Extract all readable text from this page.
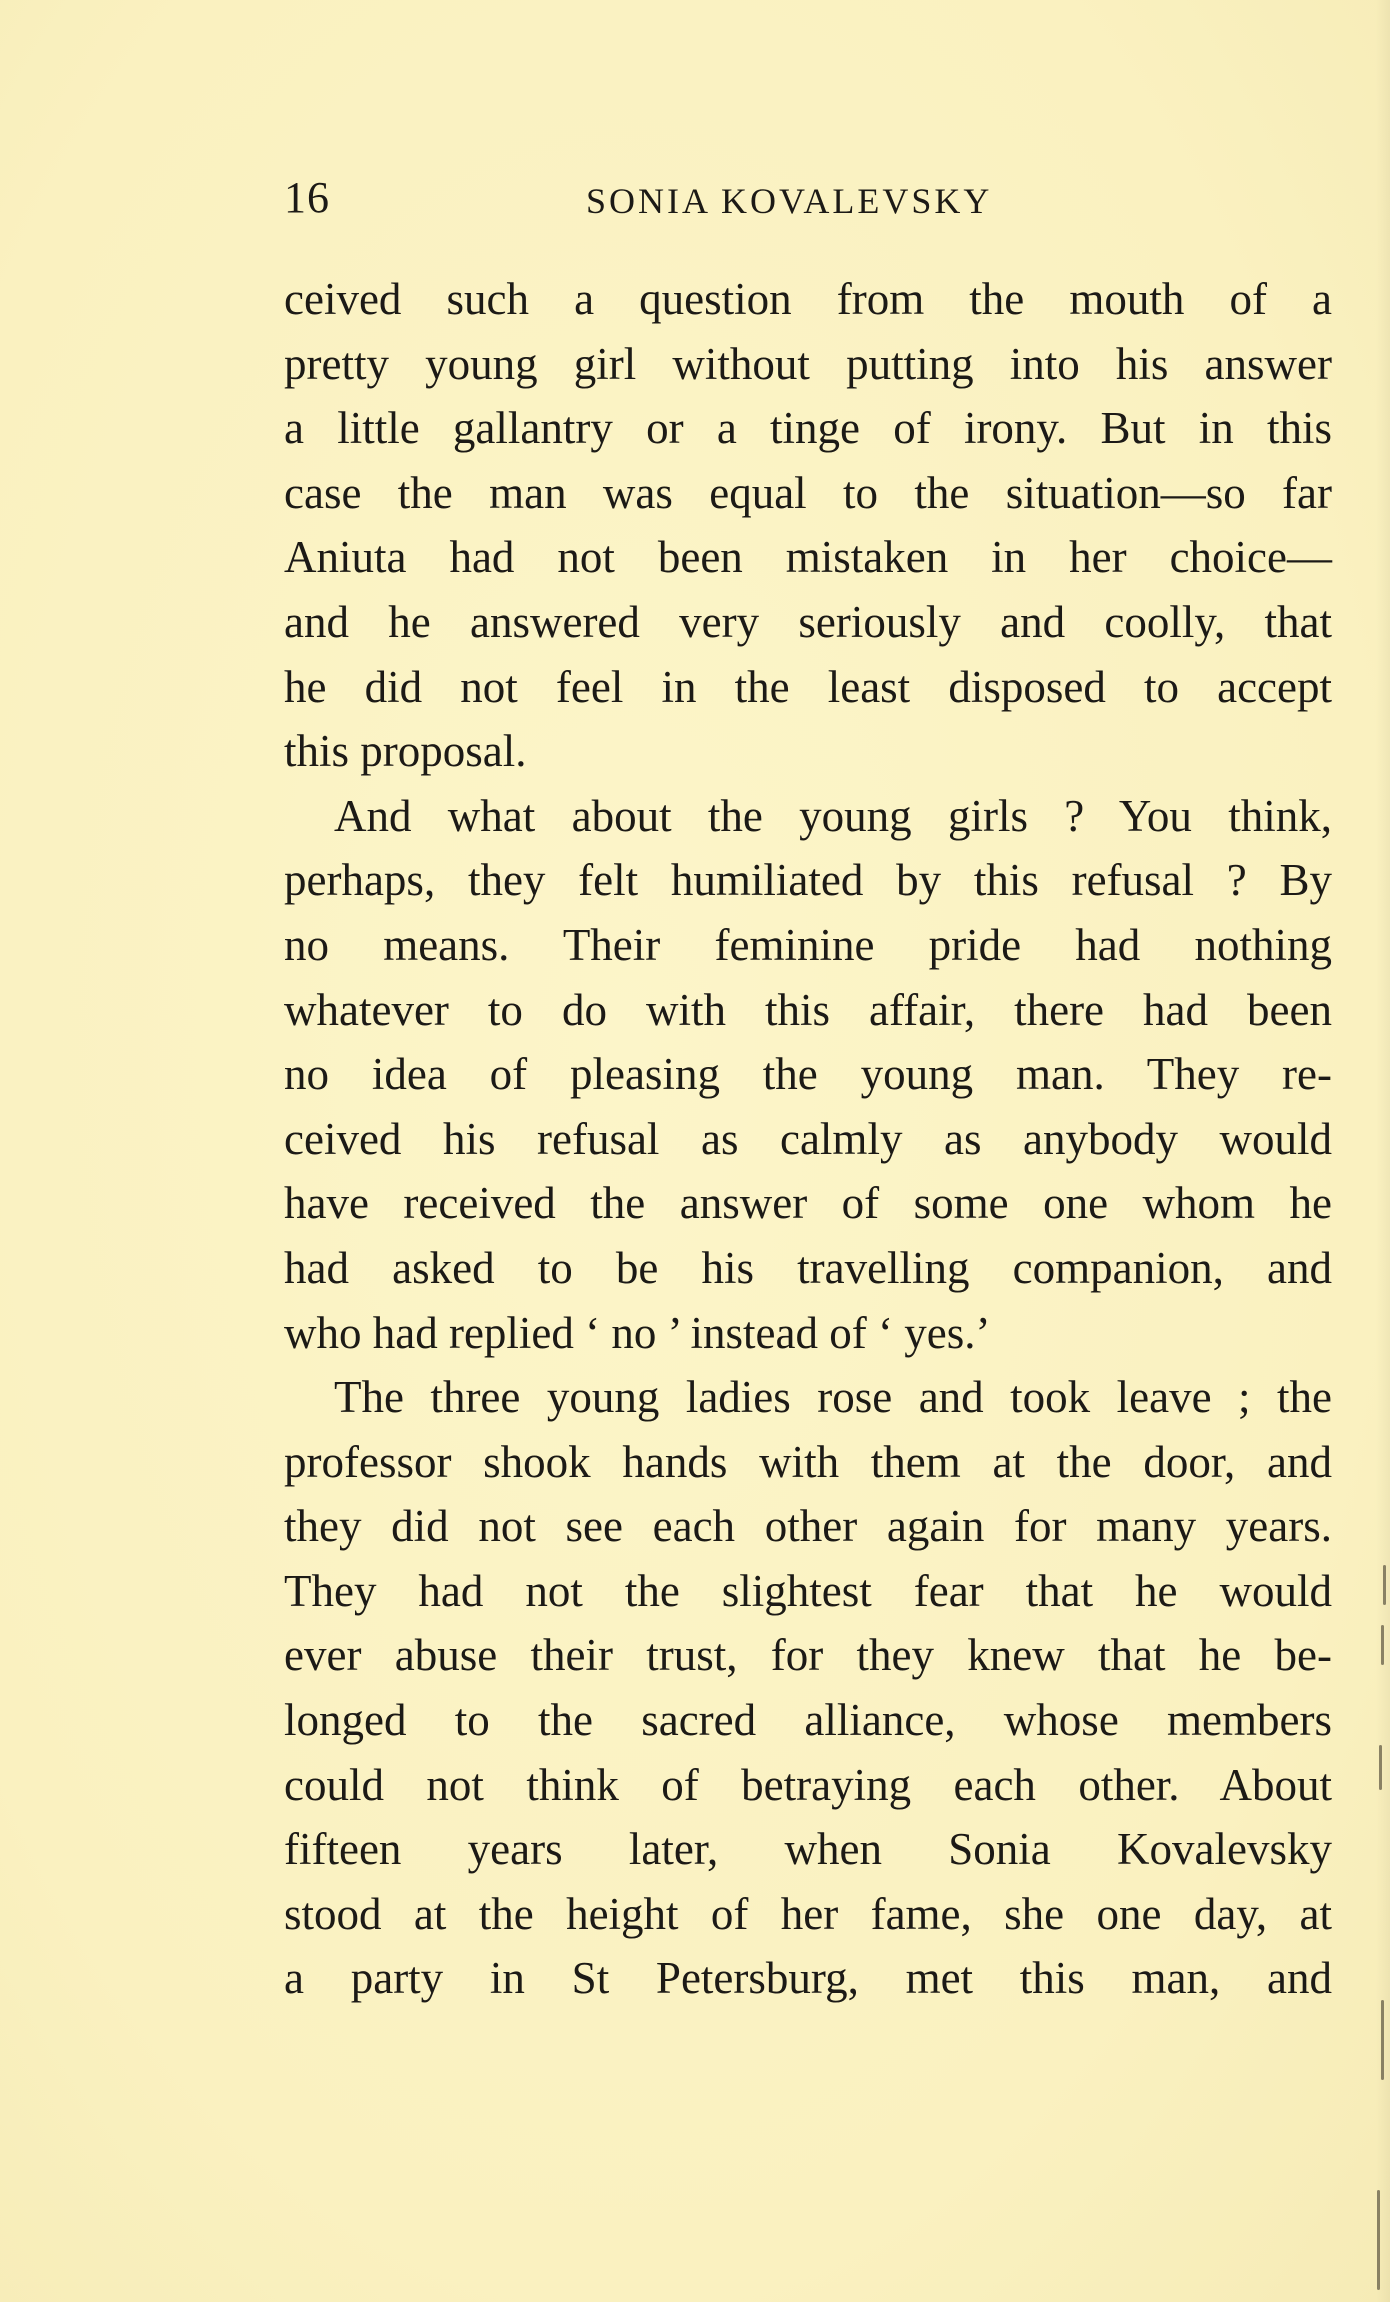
16	SONIA KOVALEVSKY
ceived such a question from the mouth of a
pretty young girl without putting into his answer
a little gallantry or a tinge of irony. But in this
case the man was equal to the situation—so far
Aniuta had not been mistaken in her choice—
and he answered very seriously and coolly, that
he did not feel in the least disposed to accept
this proposal.
And what about the young girls ? You think,
perhaps, they felt humiliated by this refusal ? By
no means. Their feminine pride had nothing
whatever to do with this affair, there had been
no idea of pleasing the young man. They re-
ceived his refusal as calmly as anybody would
have received the answer of some one whom he
had asked to be his travelling companion, and
who had replied ‘ no ’ instead of ‘ yes.’
The three young ladies rose and took leave ; the
professor shook hands with them at the door, and
they did not see each other again for many years.
They had not the slightest fear that he would
ever abuse their trust, for they knew that he be-
longed to the sacred alliance, whose members
could not think of betraying each other. About
fifteen years later, when Sonia Kovalevsky
stood at the height of her fame, she one day, at
a party in St Petersburg, met this man, and
